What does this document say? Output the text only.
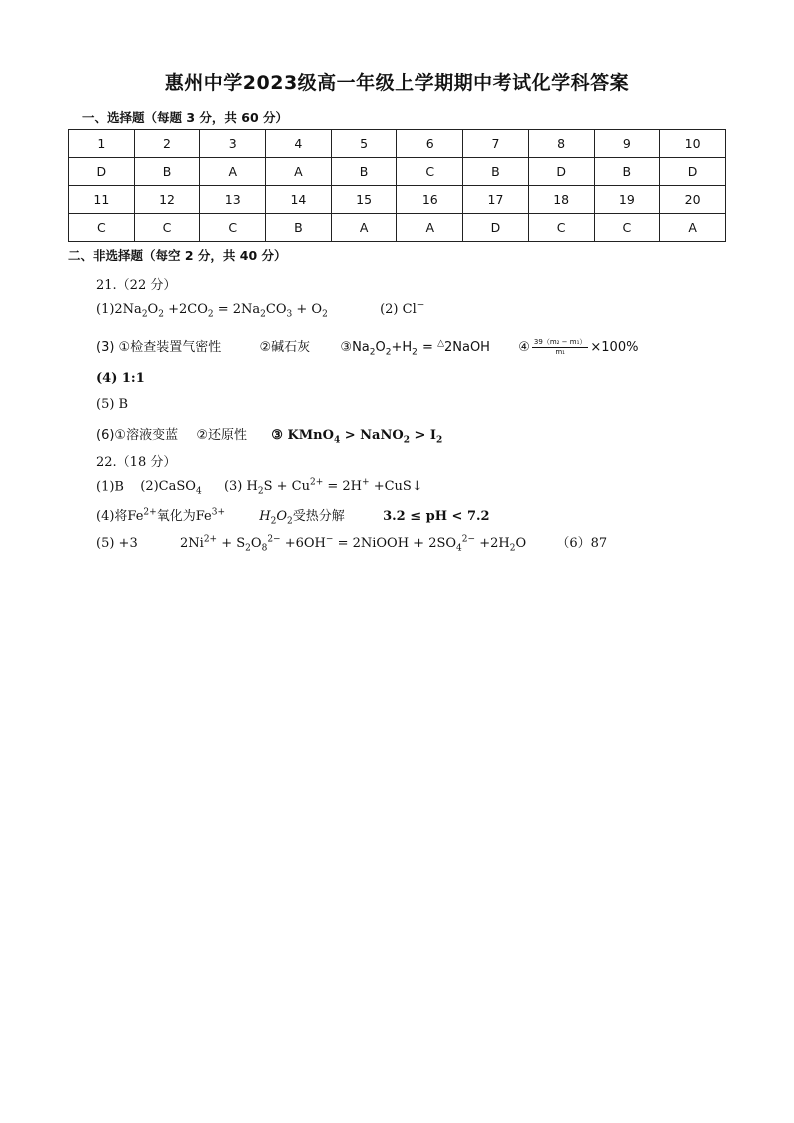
惠州中学2023级高一年级上学期期中考试化学科答案
一、选择题（每题 3 分，共 60 分）
1	2	3	4	5	6	7	8	9	10
D	B	A	A	B	C	B	D	B	D
11	12	13	14	15	16	17	18	19	20
C	C	C	B	A	A	D	C	C	A
二、非选择题（每空 2 分，共 40 分）
21.（22 分）
$(1)2Na_2O_2 +2CO_2 = 2Na_2CO_3 + O_2$	(2) Cl−
(3) ①检查装置气密性	②碱石灰 $③Na_2O_2+H_2$ = △2NaOH ④ $\frac{\text{39（m₂ − m₁）}}{\text{m₁}} \times 100\%$
(4) 1:1
(5) B
(6)①溶液变蓝 ②还原性 ③ KMnO$_4$ > NaNO$_2$ > $I_2$
22.（18 分）
(1)B (2)CaSO$_4$ (3) $H_2S + Cu^{2+} = 2H^+$ +CuS↓
(4)将$Fe^{2+}$氧化为$Fe^{3+}$	$H_2O_2$受热分解	3.2 ≤ pH < 7.2
(5) +3	$2Ni^{2+} + S_2O_8^{2-} +6OH^-$ = 2NiOOH + $2SO_4^{2-} +2H_2O$ （6）87
